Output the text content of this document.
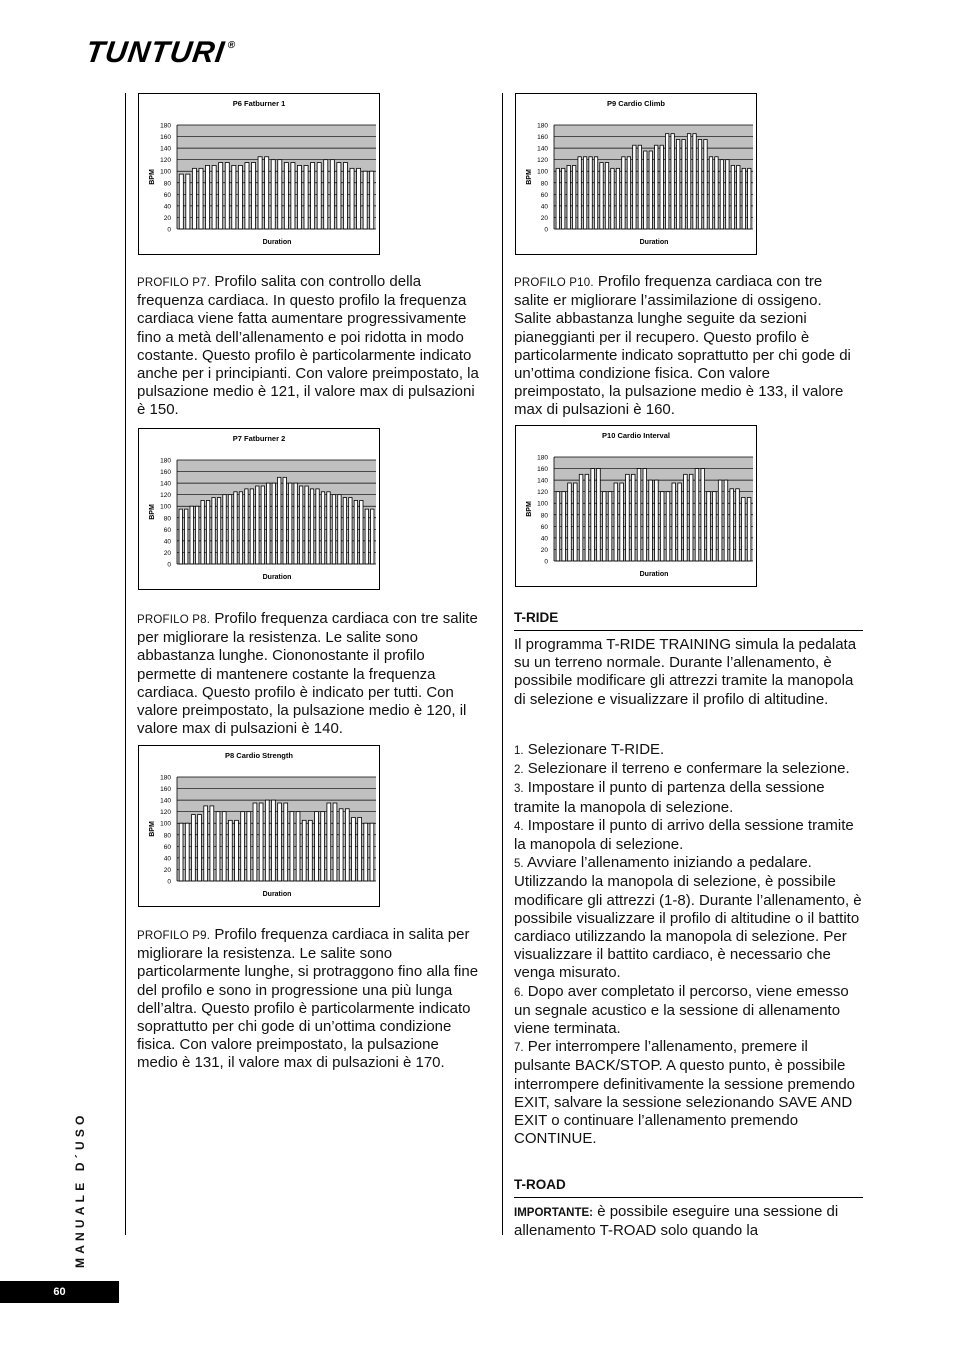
TUNTURI®
MANUALE D´USO
60
P6 Fatburner 1
0
20
40
60
80
100
120
140
160
180
Duration
BPM
P7 Fatburner 2
0
20
40
60
80
100
120
140
160
180
Duration
BPM
P8 Cardio Strength
0
20
40
60
80
100
120
140
160
180
Duration
BPM
P9 Cardio Climb
0
20
40
60
80
100
120
140
160
180
Duration
BPM
P10 Cardio Interval
0
20
40
60
80
100
120
140
160
180
Duration
BPM

PROFILO P7. Profilo salita con controllo della frequenza cardiaca. In questo profilo la frequenza cardiaca viene fatta aumentare progressivamente fino a metà dell’allenamento e poi ridotta in modo costante. Questo profilo è particolarmente indicato anche per i principianti. Con valore preimpostato, la pulsazione medio è 121, il valore max di pulsazioni è 150.

PROFILO P8. Profilo frequenza cardiaca con tre salite per migliorare la resistenza. Le salite sono abbastanza lunghe. Ciononostante il profilo permette di mantenere costante la frequenza cardiaca. Questo profilo è indicato per tutti. Con valore preimpostato, la pulsazione medio è 120, il valore max di pulsazioni è 140.

PROFILO P9. Profilo frequenza cardiaca in salita per migliorare la resistenza. Le salite sono particolarmente lunghe, si protraggono fino alla fine del profilo e sono in progressione una più lunga dell’altra. Questo profilo è particolarmente indicato soprattutto per chi gode di un’ottima condizione fisica. Con valore preimpostato, la pulsazione medio è 131, il valore max di pulsazioni è 170.

PROFILO P10. Profilo frequenza cardiaca con tre salite er migliorare l’assimilazione di ossigeno. Salite abbastanza lunghe seguite da sezioni pianeggianti per il recupero. Questo profilo è particolarmente indicato soprattutto per chi gode di un’ottima condizione fisica. Con valore preimpostato, la pulsazione medio è 133, il valore max di pulsazioni è 160.

T-RIDE

Il programma T-RIDE TRAINING simula la pedalata su un terreno normale. Durante l’allenamento, è possibile modificare gli attrezzi tramite la manopola di selezione e visualizzare il profilo di altitudine.

1. Selezionare T-RIDE.
2. Selezionare il terreno e confermare la selezione.
3. Impostare il punto di partenza della sessione tramite la manopola di selezione.
4. Impostare il punto di arrivo della sessione tramite la manopola di selezione.
5. Avviare l’allenamento iniziando a pedalare. Utilizzando la manopola di selezione, è possibile modificare gli attrezzi (1-8). Durante l’allenamento, è possibile visualizzare il profilo di altitudine o il battito cardiaco utilizzando la manopola di selezione. Per visualizzare il battito cardiaco, è necessario che venga misurato.
6. Dopo aver completato il percorso, viene emesso un segnale acustico e la sessione di allenamento viene terminata.
7. Per interrompere l’allenamento, premere il pulsante BACK/STOP. A questo punto, è possibile interrompere definitivamente la sessione premendo EXIT, salvare la sessione selezionando SAVE AND EXIT o continuare l’allenamento premendo CONTINUE.
T-ROAD

IMPORTANTE: è possibile eseguire una sessione di allenamento T-ROAD solo quando la
